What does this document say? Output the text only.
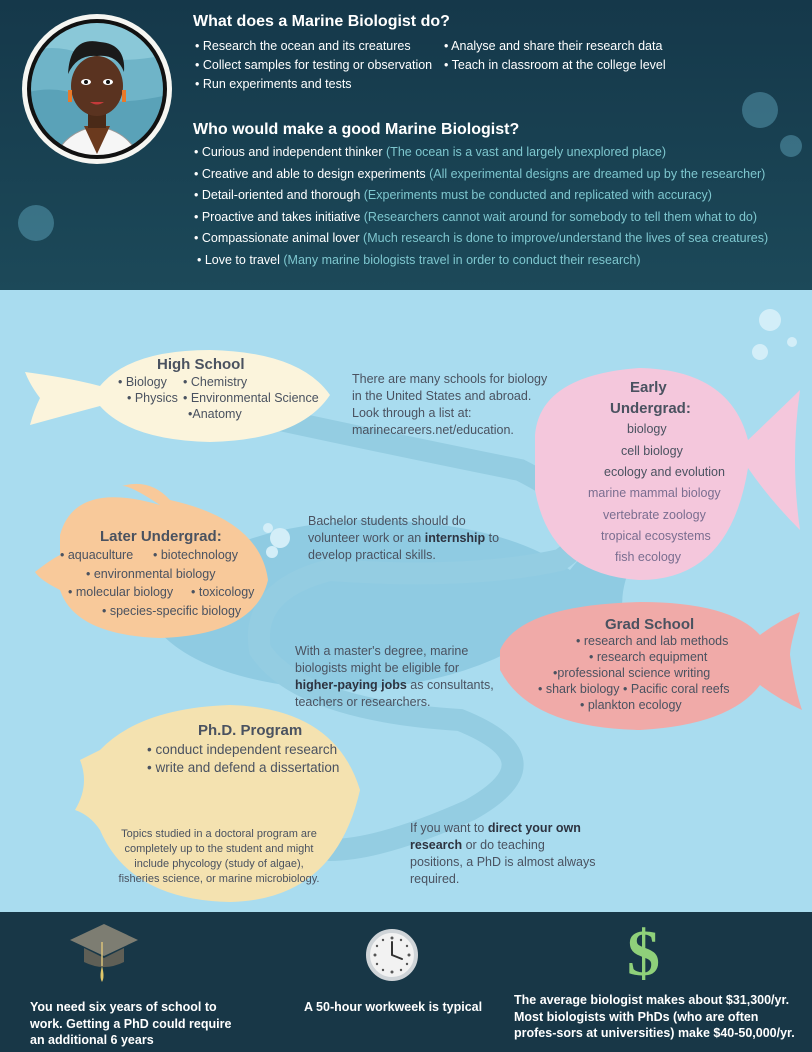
What does a Marine Biologist do?
• Research the ocean and its creatures
• Collect samples for testing or observation
• Run experiments and tests
• Analyse and share their research data
• Teach in classroom at the college level
Who would make a good Marine Biologist?
• Curious and independent thinker (The ocean is a vast and largely unexplored place)
• Creative and able to design experiments (All experimental designs are dreamed up by the researcher)
• Detail-oriented and thorough (Experiments must be conducted and replicated with accuracy)
• Proactive and takes initiative (Researchers cannot wait around for somebody to tell them what to do)
• Compassionate animal lover (Much research is done to improve/understand the lives of sea creatures)
• Love to travel (Many marine biologists travel in order to conduct their research)
High School
• Biology • Chemistry
• Physics • Environmental Science
•Anatomy
There are many schools for biology
in the United States and abroad.
Look through a list at:
marinecareers.net/education.
Early
Undergrad:
biology
cell biology
ecology and evolution
marine mammal biology
vertebrate zoology
tropical ecosystems
fish ecology
Later Undergrad:
• aquaculture • biotechnology
• environmental biology
• molecular biology • toxicology
• species-specific biology
Bachelor students should do volunteer work or an internship to develop practical skills.
Grad School
• research and lab methods
• research equipment
•professional science writing
• shark biology • Pacific coral reefs
• plankton ecology
With a master's degree, marine biologists might be eligible for higher-paying jobs as consultants, teachers or researchers.
Ph.D. Program
• conduct independent research
• write and defend a dissertation
Topics studied in a doctoral program are completely up to the student and might include phycology (study of algae), fisheries science, or marine microbiology.
If you want to direct your own research or do teaching positions, a PhD is almost always required.
$
You need six years of school to work. Getting a PhD could require an additional 6 years
A 50-hour workweek is typical	The average biologist makes about $31,300/yr. Most biologists with PhDs (who are often profes-sors at universities) make $40-50,000/yr.
